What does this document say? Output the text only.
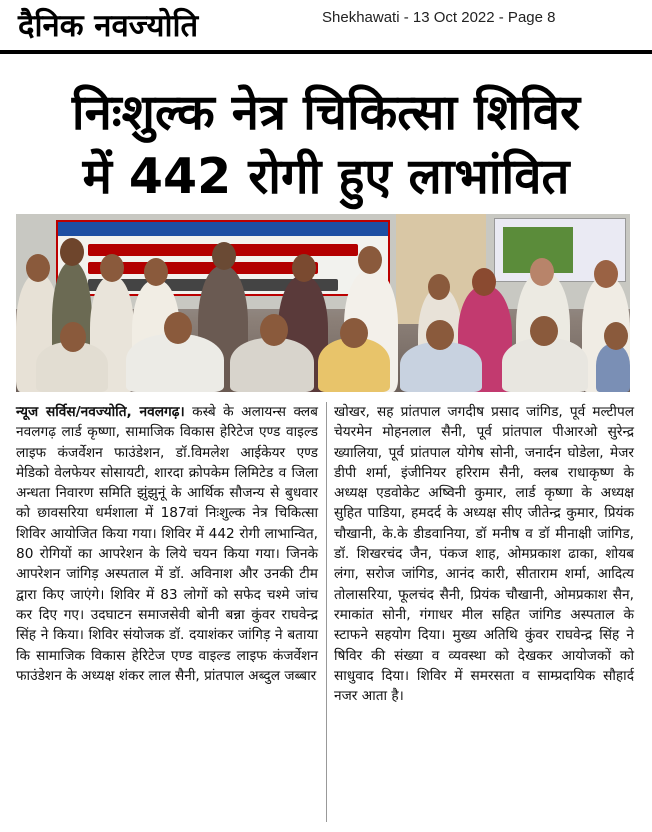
दैनिक नवज्योति	Shekhawati - 13 Oct 2022 - Page 8
निःशुल्क नेत्र चिकित्सा शिविर
में 442 रोगी हुए लाभांवित

न्यूज सर्विस/नवज्योति, नवलगढ़। कस्बे के अलायन्स क्लब नवलगढ़ लार्ड कृष्णा, सामाजिक विकास हेरिटेज एण्ड वाइल्ड लाइफ कंजर्वेशन फाउंडेशन, डॉ.विमलेश आईकेयर एण्ड मेडिको वेलफेयर सोसायटी, शारदा क्रोपकेम लिमिटेड व जिला अन्धता निवारण समिति झुंझुनूं के आर्थिक सौजन्य से बुधवार को छावसरिया धर्मशाला में 187वां निःशुल्क नेत्र चिकित्सा शिविर आयोजित किया गया। शिविर में 442 रोगी लाभान्वित, 80 रोगियों का आपरेशन के लिये चयन किया गया। जिनके आपरेशन जांगिड़ अस्पताल में डॉ. अविनाश और उनकी टीम द्वारा किए जाएंगे। शिविर में 83 लोगों को सफेद चश्मे जांच कर दिए गए। उदघाटन समाजसेवी बोनी बन्ना कुंवर राघवेन्द्र सिंह ने किया। शिविर संयोजक डॉ. दयाशंकर जांगिड़ ने बताया कि सामाजिक विकास हेरिटेज एण्ड वाइल्ड लाइफ कंजर्वेशन फाउंडेशन के अध्यक्ष शंकर लाल सैनी, प्रांतपाल अब्दुल जब्बार

खोखर, सह प्रांतपाल जगदीष प्रसाद जांगिड, पूर्व मल्टीपल चेयरमेन मोहनलाल सैनी, पूर्व प्रांतपाल पीआरओ सुरेन्द्र ख्यालिया, पूर्व प्रांतपाल योगेष सोनी, जनार्दन घोडेला, मेजर डीपी शर्मा, इंजीनियर हरिराम सैनी, क्लब राधाकृष्ण के अध्यक्ष एडवोकेट अष्विनी कुमार, लार्ड कृष्णा के अध्यक्ष सुहित पाडिया, हमदर्द के अध्यक्ष सीए जीतेन्द्र कुमार, प्रियंक चौखानी, के.के डीडवानिया, डॉ मनीष व डॉ मीनाक्षी जांगिड, डॉ. शिखरचंद जैन, पंकज शाह, ओमप्रकाश ढाका, शोयब लंगा, सरोज जांगिड, आनंद कारी, सीताराम शर्मा, आदित्य तोलासरिया, फूलचंद सैनी, प्रियंक चौखानी, ओमप्रकाश सैन, रमाकांत सोनी, गंगाधर मील सहित जांगिड अस्पताल के स्टाफने सहयोग दिया। मुख्य अतिथि कुंवर राघवेन्द्र सिंह ने षिविर की संख्या व व्यवस्था को देखकर आयोजकों को साधुवाद दिया। शिविर में समरसता व साम्प्रदायिक सौहार्द नजर आता है।
